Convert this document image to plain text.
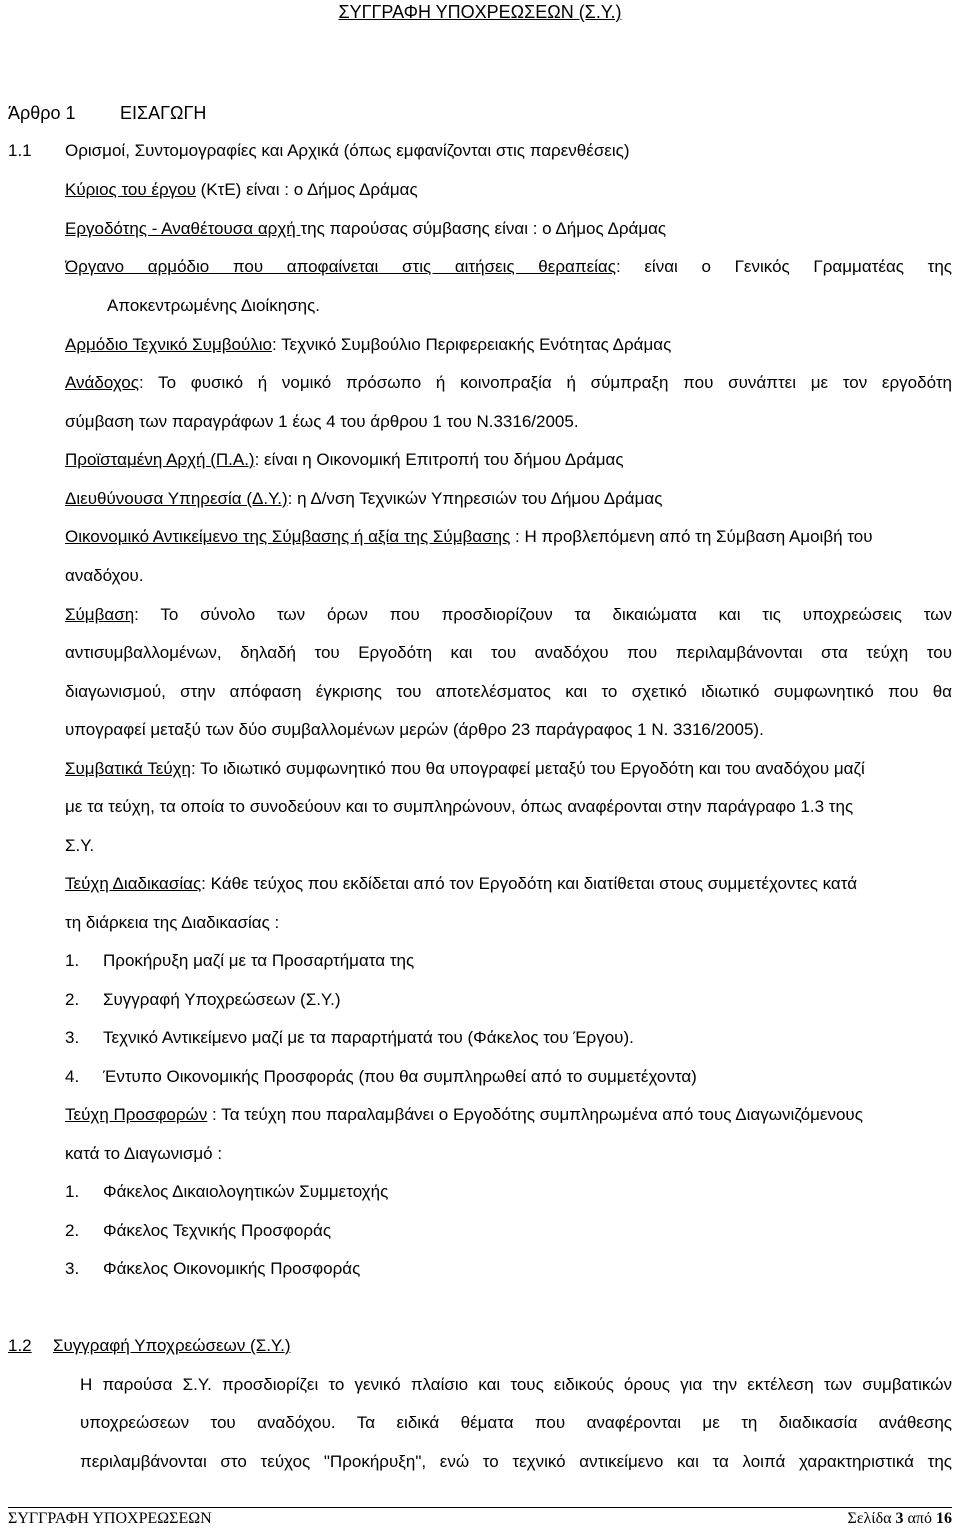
ΣΥΓΓΡΑΦΗ ΥΠΟΧΡΕΩΣΕΩΝ (Σ.Υ.)
Άρθρο 1 ΕΙΣΑΓΩΓΗ
1.1 Ορισμοί, Συντομογραφίες και Αρχικά (όπως εμφανίζονται στις παρενθέσεις)
Κύριος του έργου (ΚτΕ) είναι : ο Δήμος Δράμας
Εργοδότης - Αναθέτουσα αρχή της παρούσας σύμβασης είναι : ο Δήμος Δράμας
Όργανο αρμόδιο που αποφαίνεται στις αιτήσεις θεραπείας: είναι ο Γενικός Γραμματέας της
Αποκεντρωμένης Διοίκησης.
Αρμόδιο Τεχνικό Συμβούλιο: Τεχνικό Συμβούλιο Περιφερειακής Ενότητας Δράμας
Ανάδοχος: Το φυσικό ή νομικό πρόσωπο ή κοινοπραξία ή σύμπραξη που συνάπτει με τον εργοδότη
σύμβαση των παραγράφων 1 έως 4 του άρθρου 1 του Ν.3316/2005.
Προϊσταμένη Αρχή (Π.Α.): είναι η Οικονομική Επιτροπή του δήμου Δράμας
Διευθύνουσα Υπηρεσία (Δ.Υ.): η Δ/νση Τεχνικών Υπηρεσιών του Δήμου Δράμας
Οικονομικό Αντικείμενο της Σύμβασης ή αξία της Σύμβασης : Η προβλεπόμενη από τη Σύμβαση Αμοιβή του
αναδόχου.
Σύμβαση: Το σύνολο των όρων που προσδιορίζουν τα δικαιώματα και τις υποχρεώσεις των
αντισυμβαλλομένων, δηλαδή του Εργοδότη και του αναδόχου που περιλαμβάνονται στα τεύχη του
διαγωνισμού, στην απόφαση έγκρισης του αποτελέσματος και το σχετικό ιδιωτικό συμφωνητικό που θα
υπογραφεί μεταξύ των δύο συμβαλλομένων μερών (άρθρο 23 παράγραφος 1 Ν. 3316/2005).
Συμβατικά Τεύχη: Το ιδιωτικό συμφωνητικό που θα υπογραφεί μεταξύ του Εργοδότη και του αναδόχου μαζί
με τα τεύχη, τα οποία το συνοδεύουν και το συμπληρώνουν, όπως αναφέρονται στην παράγραφο 1.3 της
Σ.Υ.
Τεύχη Διαδικασίας: Κάθε τεύχος που εκδίδεται από τον Εργοδότη και διατίθεται στους συμμετέχοντες κατά
τη διάρκεια της Διαδικασίας :
1. Προκήρυξη μαζί με τα Προσαρτήματα της
2. Συγγραφή Υποχρεώσεων (Σ.Υ.)
3. Τεχνικό Αντικείμενο μαζί με τα παραρτήματά του (Φάκελος του Έργου).
4. Έντυπο Οικονομικής Προσφοράς (που θα συμπληρωθεί από το συμμετέχοντα)
Τεύχη Προσφορών : Τα τεύχη που παραλαμβάνει ο Εργοδότης συμπληρωμένα από τους Διαγωνιζόμενους
κατά το Διαγωνισμό :
1. Φάκελος Δικαιολογητικών Συμμετοχής
2. Φάκελος Τεχνικής Προσφοράς
3. Φάκελος Οικονομικής Προσφοράς
1.2 Συγγραφή Υποχρεώσεων (Σ.Υ.)
Η παρούσα Σ.Υ. προσδιορίζει το γενικό πλαίσιο και τους ειδικούς όρους για την εκτέλεση των συμβατικών
υποχρεώσεων του αναδόχου. Τα ειδικά θέματα που αναφέρονται με τη διαδικασία ανάθεσης
περιλαμβάνονται στο τεύχος "Προκήρυξη", ενώ το τεχνικό αντικείμενο και τα λοιπά χαρακτηριστικά της
ΣΥΓΓΡΑΦΗ ΥΠΟΧΡΕΩΣΕΩΝ	Σελίδα 3 από 16
